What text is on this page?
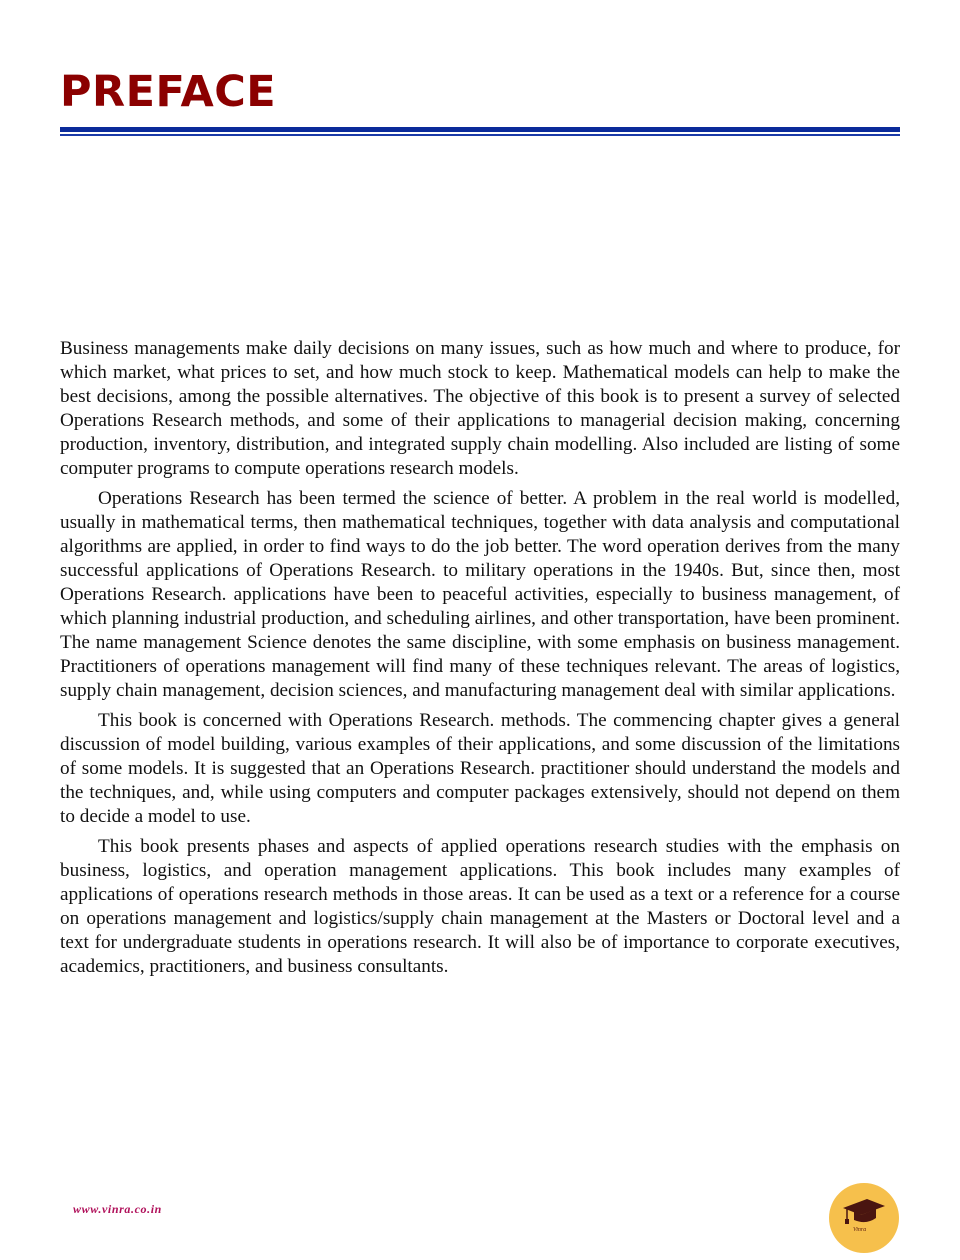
PREFACE

Business managements make daily decisions on many issues, such as how much and where to produce, for which market, what prices to set, and how much stock to keep. Mathematical models can help to make the best decisions, among the possible alternatives. The objective of this book is to present a survey of selected Operations Research methods, and some of their applications to managerial decision making, concerning production, inventory, distribution, and integrated supply chain modelling. Also included are listing of some computer programs to compute operations research models.

Operations Research has been termed the science of better. A problem in the real world is modelled, usually in mathematical terms, then mathematical techniques, together with data analysis and computational algorithms are applied, in order to find ways to do the job better. The word operation derives from the many successful applications of Operations Research. to military operations in the 1940s. But, since then, most Operations Research. applications have been to peaceful activities, especially to business management, of which planning industrial production, and scheduling airlines, and other transportation, have been prominent. The name management Science denotes the same discipline, with some emphasis on business management. Practitioners of operations management will find many of these techniques relevant. The areas of logistics, supply chain management, decision sciences, and manufacturing management deal with similar applications.

This book is concerned with Operations Research. methods. The commencing chapter gives a general discussion of model building, various examples of their applications, and some discussion of the limitations of some models. It is suggested that an Operations Research. practitioner should understand the models and the techniques, and, while using computers and computer packages extensively, should not depend on them to decide a model to use.

This book presents phases and aspects of applied operations research studies with the emphasis on business, logistics, and operation management applications. This book includes many examples of applications of operations research methods in those areas. It can be used as a text or a reference for a course on operations management and logistics/supply chain management at the Masters or Doctoral level and a text for undergraduate students in operations research. It will also be of importance to corporate executives, academics, practitioners, and business consultants.

www.vinra.co.in
Vinra
